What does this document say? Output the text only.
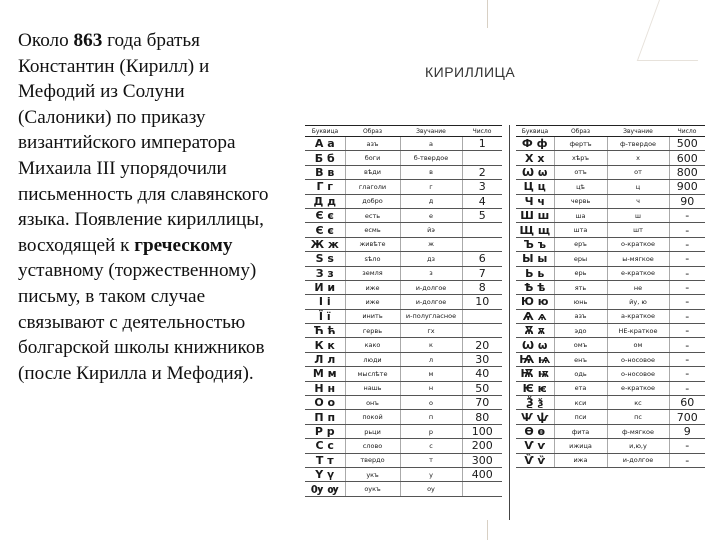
Около 863 года братья Константин (Кирилл) и Мефодий из Солуни (Салоники) по приказу византийского императора Михаила III упорядочили письменность для славянского языка. Появление кириллицы, восходящей к греческому уставному (торжественному) письму, в таком случае связывают с деятельностью болгарской школы книжников (после Кирилла и Мефодия).
КИРИЛЛИЦА
Буквица	Образ	Звучание	Число
А а	азъ	а	1
Б б	боги	б-твердое	
В в	вѣди	в	2
Г г	глаголи	г	3
Д д	добро	д	4
Є є	есть	е	5
Є є	есмь	йэ	
Ж ж	живѣте	ж	
Ѕ ѕ	ѕѣло	дз	6
З з	земля	з	7
И и	иже	и-долгое	8
І і	иже	и-долгое	10
Ї ї	инить	и-полугласное	
Ћ ћ	гервь	гх	
К к	како	к	20
Л л	люди	л	30
М м	мыслѣте	м	40
Н н	нашь	н	50
О о	онъ	о	70
П п	покой	п	80
Р р	рьци	р	100
С с	слово	с	200
Т т	твердо	т	300
Ү ү	укъ	у	400
Ѹ ѹ	оукъ	оу	
Буквица	Образ	Звучание	Число
Ф ф	фертъ	ф-твердое	500
Х х	хѣръ	х	600
Ѡ ѡ	отъ	от	800
Ц ц	цѣ	ц	900
Ч ч	червь	ч	90
Ш ш	ша	ш	-
Щ щ	шта	шт	-
Ъ ъ	еръ	о-краткое	-
Ы ы	еры	ы-мягкое	-
Ь ь	ерь	е-краткое	-
Ѣ ѣ	ять	не	-
Ю ю	юнь	йу, ю	-
Ѧ ѧ	азъ	а-краткое	-
Ѫ ѫ	эдо	НЕ-краткое	-
Ѡ ѡ	омъ	ом	-
Ѩ ѩ	енъ	о-носовое	-
Ѭ ѭ	одь	о-носовое	-
Ѥ ѥ	ета	е-краткое	-
Ѯ ѯ	кси	кс	60
Ѱ ѱ	пси	пс	700
Ѳ ѳ	фита	ф-мягкое	9
Ѵ ѵ	ижица	и,ю,у	-
Ѷ ѷ	ижа	и-долгое	-
